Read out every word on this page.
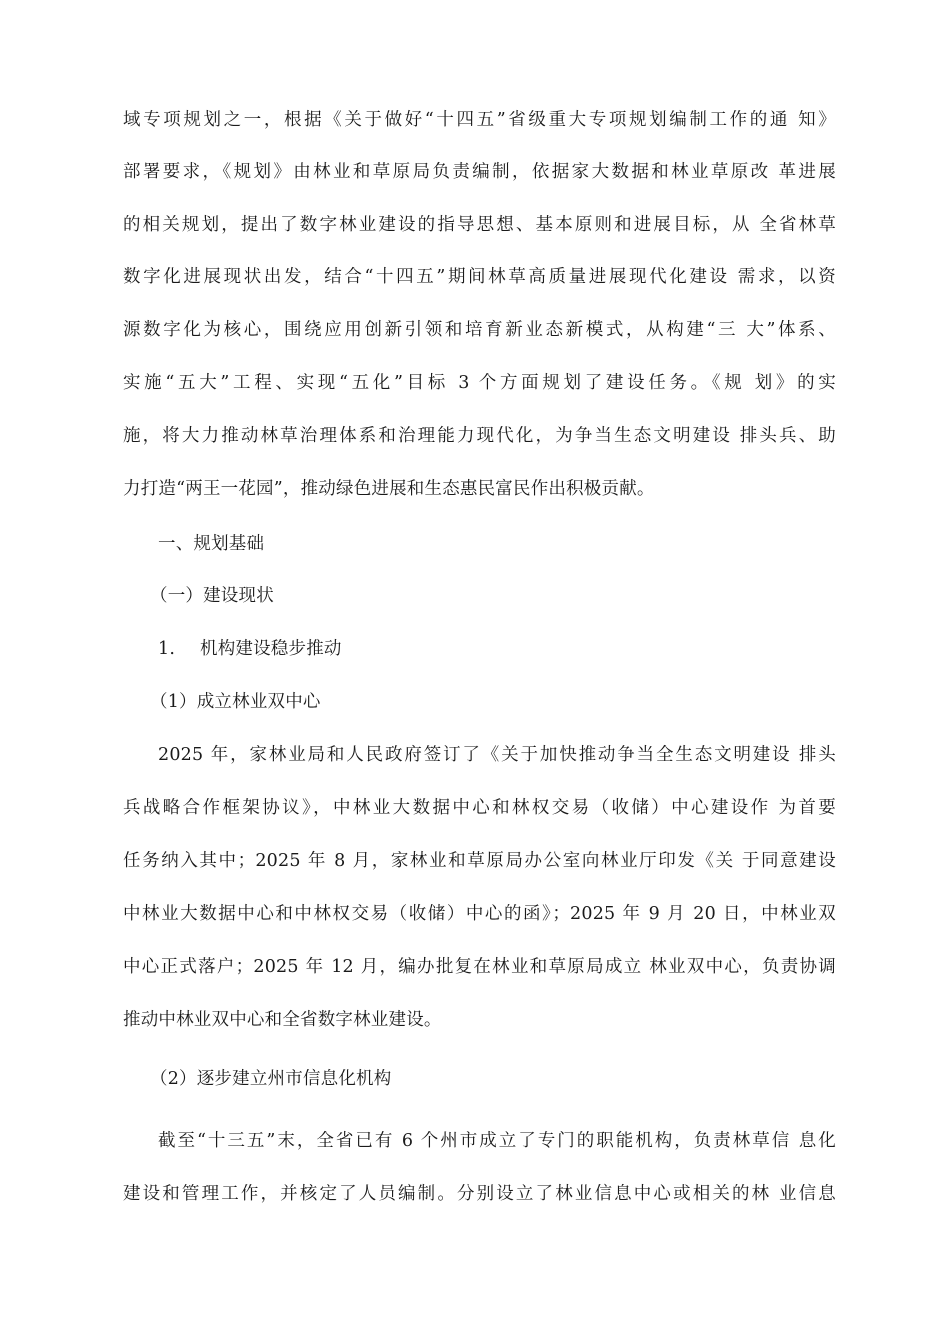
域专项规划之一，根据《关于做好“十四五”省级重大专项规划编制工作的通 知》
部署要求，《规划》由林业和草原局负责编制，依据家大数据和林业草原改 革进展
的相关规划，提出了数字林业建设的指导思想、基本原则和进展目标，从 全省林草
数字化进展现状出发，结合“十四五”期间林草高质量进展现代化建设 需求，以资
源数字化为核心，围绕应用创新引领和培育新业态新模式，从构建“三 大”体系、
实施“五大”工程、实现“五化”目标 3 个方面规划了建设任务。《规 划》的实
施，将大力推动林草治理体系和治理能力现代化，为争当生态文明建设 排头兵、助
力打造“两王一花园”，推动绿色进展和生态惠民富民作出积极贡献。
一、规划基础
（一）建设现状
1. 机构建设稳步推动
（1）成立林业双中心
2025 年，家林业局和人民政府签订了《关于加快推动争当全生态文明建设 排头
兵战略合作框架协议》，中林业大数据中心和林权交易（收储）中心建设作 为首要
任务纳入其中；2025 年 8 月，家林业和草原局办公室向林业厅印发《关 于同意建设
中林业大数据中心和中林权交易（收储）中心的函》；2025 年 9 月 20 日，中林业双
中心正式落户；2025 年 12 月，编办批复在林业和草原局成立 林业双中心，负责协调
推动中林业双中心和全省数字林业建设。
（2）逐步建立州市信息化机构
截至“十三五”末，全省已有 6 个州市成立了专门的职能机构，负责林草信 息化
建设和管理工作，并核定了人员编制。分别设立了林业信息中心或相关的林 业信息
